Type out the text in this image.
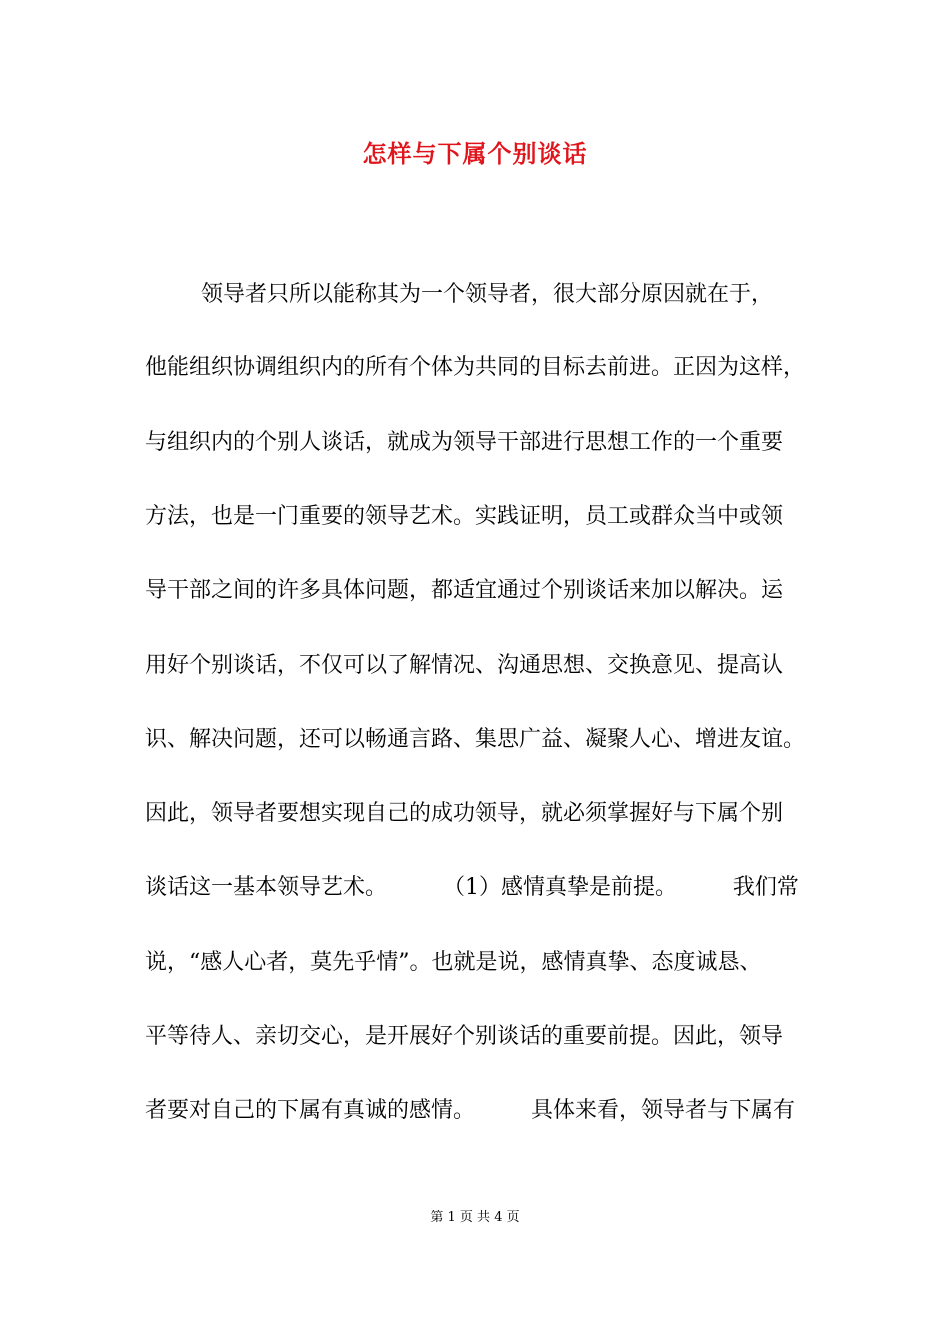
怎样与下属个别谈话
领导者只所以能称其为一个领导者，很大部分原因就在于，
他能组织协调组织内的所有个体为共同的目标去前进。正因为这样，
与组织内的个别人谈话，就成为领导干部进行思想工作的一个重要
方法，也是一门重要的领导艺术。实践证明，员工或群众当中或领
导干部之间的许多具体问题，都适宜通过个别谈话来加以解决。运
用好个别谈话，不仅可以了解情况、沟通思想、交换意见、提高认
识、解决问题，还可以畅通言路、集思广益、凝聚人心、增进友谊。
因此，领导者要想实现自己的成功领导，就必须掌握好与下属个别
谈话这一基本领导艺术。        （1）感情真挚是前提。        我们常
说，“感人心者，莫先乎情”。也就是说，感情真挚、态度诚恳、
平等待人、亲切交心，是开展好个别谈话的重要前提。因此，领导
者要对自己的下属有真诚的感情。        具体来看，领导者与下属有
第 1 页 共 4 页
